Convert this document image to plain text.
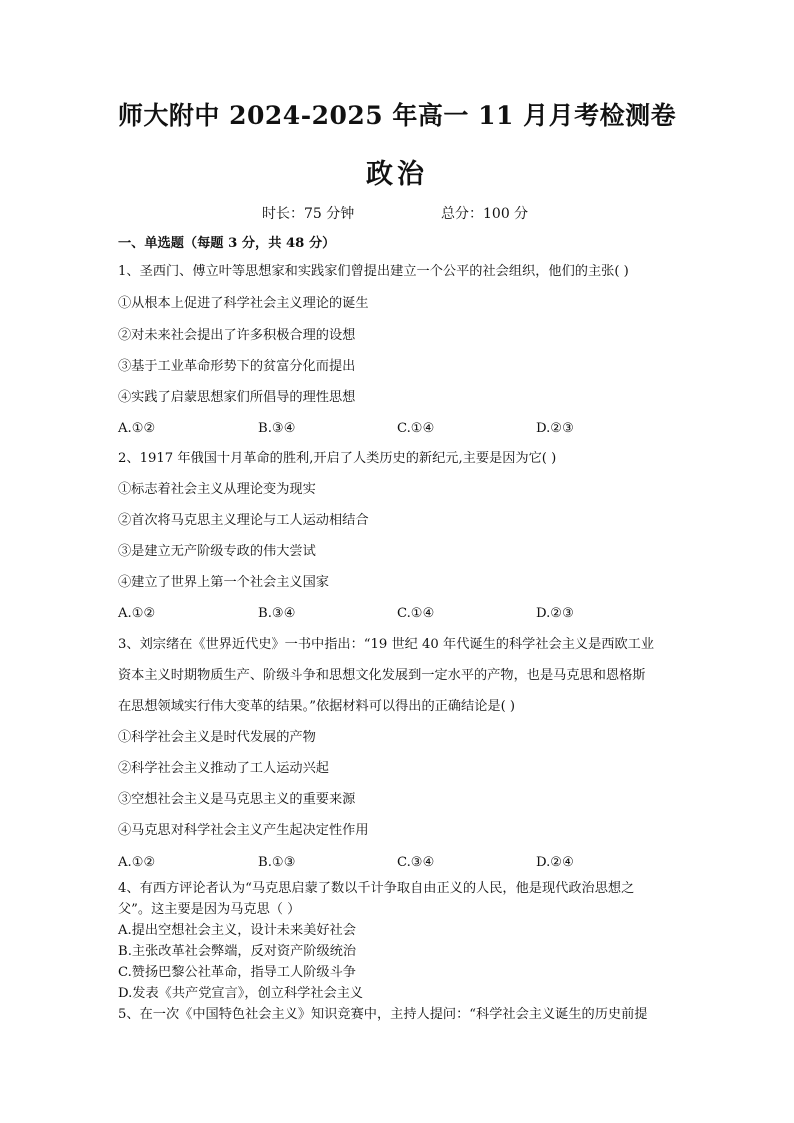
师大附中 2024-2025 年高一 11 月月考检测卷
政治
时长：75 分钟	总分：100 分
一、单选题（每题 3 分，共 48 分）
1、圣西门、傅立叶等思想家和实践家们曾提出建立一个公平的社会组织，他们的主张( )
①从根本上促进了科学社会主义理论的诞生
②对未来社会提出了许多积极合理的设想
③基于工业革命形势下的贫富分化而提出
④实践了启蒙思想家们所倡导的理性思想
A.①②	B.③④	C.①④	D.②③
2、1917 年俄国十月革命的胜利,开启了人类历史的新纪元,主要是因为它( )
①标志着社会主义从理论变为现实
②首次将马克思主义理论与工人运动相结合
③是建立无产阶级专政的伟大尝试
④建立了世界上第一个社会主义国家
A.①②	B.③④	C.①④	D.②③
3、刘宗绪在《世界近代史》一书中指出：“19 世纪 40 年代诞生的科学社会主义是西欧工业
资本主义时期物质生产、阶级斗争和思想文化发展到一定水平的产物，也是马克思和恩格斯
在思想领域实行伟大变革的结果。”依据材料可以得出的正确结论是( )
①科学社会主义是时代发展的产物
②科学社会主义推动了工人运动兴起
③空想社会主义是马克思主义的重要来源
④马克思对科学社会主义产生起决定性作用
A.①②	B.①③	C.③④	D.②④
4、有西方评论者认为“马克思启蒙了数以千计争取自由正义的人民，他是现代政治思想之
父”。这主要是因为马克思（ ）
A.提出空想社会主义，设计未来美好社会
B.主张改革社会弊端，反对资产阶级统治
C.赞扬巴黎公社革命，指导工人阶级斗争
D.发表《共产党宣言》，创立科学社会主义
5、在一次《中国特色社会主义》知识竞赛中，主持人提问：“科学社会主义诞生的历史前提
